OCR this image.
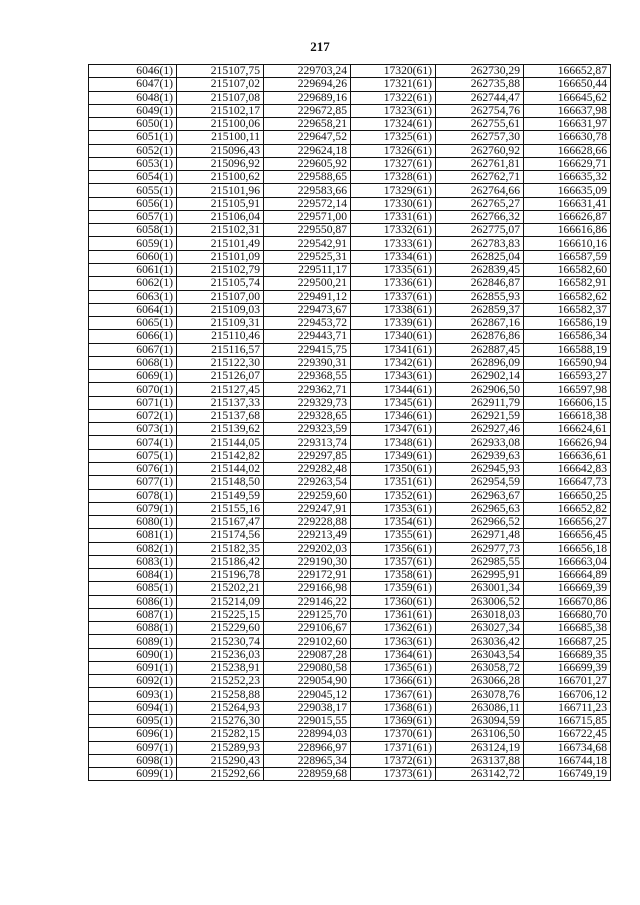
217
6046(1)	215107,75	229703,24	17320(61)	262730,29	166652,87
6047(1)	215107,02	229694,26	17321(61)	262735,88	166650,44
6048(1)	215107,08	229689,16	17322(61)	262744,47	166645,62
6049(1)	215102,17	229672,85	17323(61)	262754,76	166637,98
6050(1)	215100,06	229658,21	17324(61)	262755,61	166631,97
6051(1)	215100,11	229647,52	17325(61)	262757,30	166630,78
6052(1)	215096,43	229624,18	17326(61)	262760,92	166628,66
6053(1)	215096,92	229605,92	17327(61)	262761,81	166629,71
6054(1)	215100,62	229588,65	17328(61)	262762,71	166635,32
6055(1)	215101,96	229583,66	17329(61)	262764,66	166635,09
6056(1)	215105,91	229572,14	17330(61)	262765,27	166631,41
6057(1)	215106,04	229571,00	17331(61)	262766,32	166626,87
6058(1)	215102,31	229550,87	17332(61)	262775,07	166616,86
6059(1)	215101,49	229542,91	17333(61)	262783,83	166610,16
6060(1)	215101,09	229525,31	17334(61)	262825,04	166587,59
6061(1)	215102,79	229511,17	17335(61)	262839,45	166582,60
6062(1)	215105,74	229500,21	17336(61)	262846,87	166582,91
6063(1)	215107,00	229491,12	17337(61)	262855,93	166582,62
6064(1)	215109,03	229473,67	17338(61)	262859,37	166582,37
6065(1)	215109,31	229453,72	17339(61)	262867,16	166586,19
6066(1)	215110,46	229443,71	17340(61)	262876,86	166586,34
6067(1)	215116,57	229415,75	17341(61)	262887,45	166588,19
6068(1)	215122,30	229390,31	17342(61)	262896,09	166590,94
6069(1)	215126,07	229368,55	17343(61)	262902,14	166593,27
6070(1)	215127,45	229362,71	17344(61)	262906,50	166597,98
6071(1)	215137,33	229329,73	17345(61)	262911,79	166606,15
6072(1)	215137,68	229328,65	17346(61)	262921,59	166618,38
6073(1)	215139,62	229323,59	17347(61)	262927,46	166624,61
6074(1)	215144,05	229313,74	17348(61)	262933,08	166626,94
6075(1)	215142,82	229297,85	17349(61)	262939,63	166636,61
6076(1)	215144,02	229282,48	17350(61)	262945,93	166642,83
6077(1)	215148,50	229263,54	17351(61)	262954,59	166647,73
6078(1)	215149,59	229259,60	17352(61)	262963,67	166650,25
6079(1)	215155,16	229247,91	17353(61)	262965,63	166652,82
6080(1)	215167,47	229228,88	17354(61)	262966,52	166656,27
6081(1)	215174,56	229213,49	17355(61)	262971,48	166656,45
6082(1)	215182,35	229202,03	17356(61)	262977,73	166656,18
6083(1)	215186,42	229190,30	17357(61)	262985,55	166663,04
6084(1)	215196,78	229172,91	17358(61)	262995,91	166664,89
6085(1)	215202,21	229166,98	17359(61)	263001,34	166669,39
6086(1)	215214,09	229146,22	17360(61)	263006,52	166670,86
6087(1)	215225,15	229125,70	17361(61)	263018,03	166680,70
6088(1)	215229,60	229106,67	17362(61)	263027,34	166685,38
6089(1)	215230,74	229102,60	17363(61)	263036,42	166687,25
6090(1)	215236,03	229087,28	17364(61)	263043,54	166689,35
6091(1)	215238,91	229080,58	17365(61)	263058,72	166699,39
6092(1)	215252,23	229054,90	17366(61)	263066,28	166701,27
6093(1)	215258,88	229045,12	17367(61)	263078,76	166706,12
6094(1)	215264,93	229038,17	17368(61)	263086,11	166711,23
6095(1)	215276,30	229015,55	17369(61)	263094,59	166715,85
6096(1)	215282,15	228994,03	17370(61)	263106,50	166722,45
6097(1)	215289,93	228966,97	17371(61)	263124,19	166734,68
6098(1)	215290,43	228965,34	17372(61)	263137,88	166744,18
6099(1)	215292,66	228959,68	17373(61)	263142,72	166749,19
